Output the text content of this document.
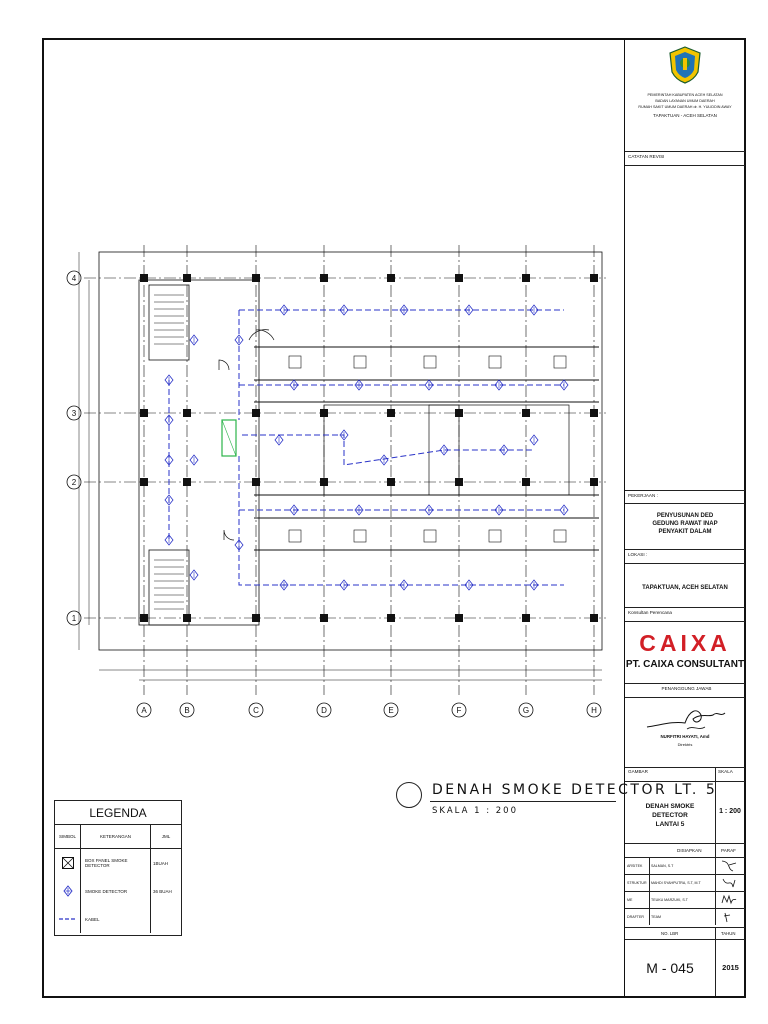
A	B	C	D	E	F	G	H
4
3
2
1
DENAH SMOKE DETECTOR LT. 5
SKALA 1 : 200
LEGENDA
SIMBOL	KETERANGAN	JML
BOX PANEL SMOKE DETECTOR	1BUAH
SMOKE DETECTOR	36 BUAH
KABEL
PEMERINTAH KABUPATEN ACEH SELATAN
BADAN LAYANAN UMUM DAERAH
RUMAH SAKIT UMUM DAERAH dr. H. YULIDDIN AWAY
TAPAKTUAN - ACEH SELATAN
CATATAN REVISI
PEKERJAAN :
PENYUSUNAN DED
GEDUNG RAWAT INAP
PENYAKIT DALAM
LOKASI :
TAPAKTUAN, ACEH SELATAN
Konsultan Perencana
CAIXA
PT. CAIXA CONSULTANT
PENANGGUNG JAWAB
NURFITRI HAYATI, Amd
Direktris
GAMBAR	SKALA
DENAH SMOKE DETECTOR
LANTAI 5
1 : 200
DISIAPKAN	PARAF
ARSITEK SALMAN, S.T
STRUKTUR MAHDI SYAHPUTRA, S.T, M.T
ME	TEUKU MARZUKI, S.T
DRAFTER TEAM
NO. LBR	TAHUN
M - 045	2015
